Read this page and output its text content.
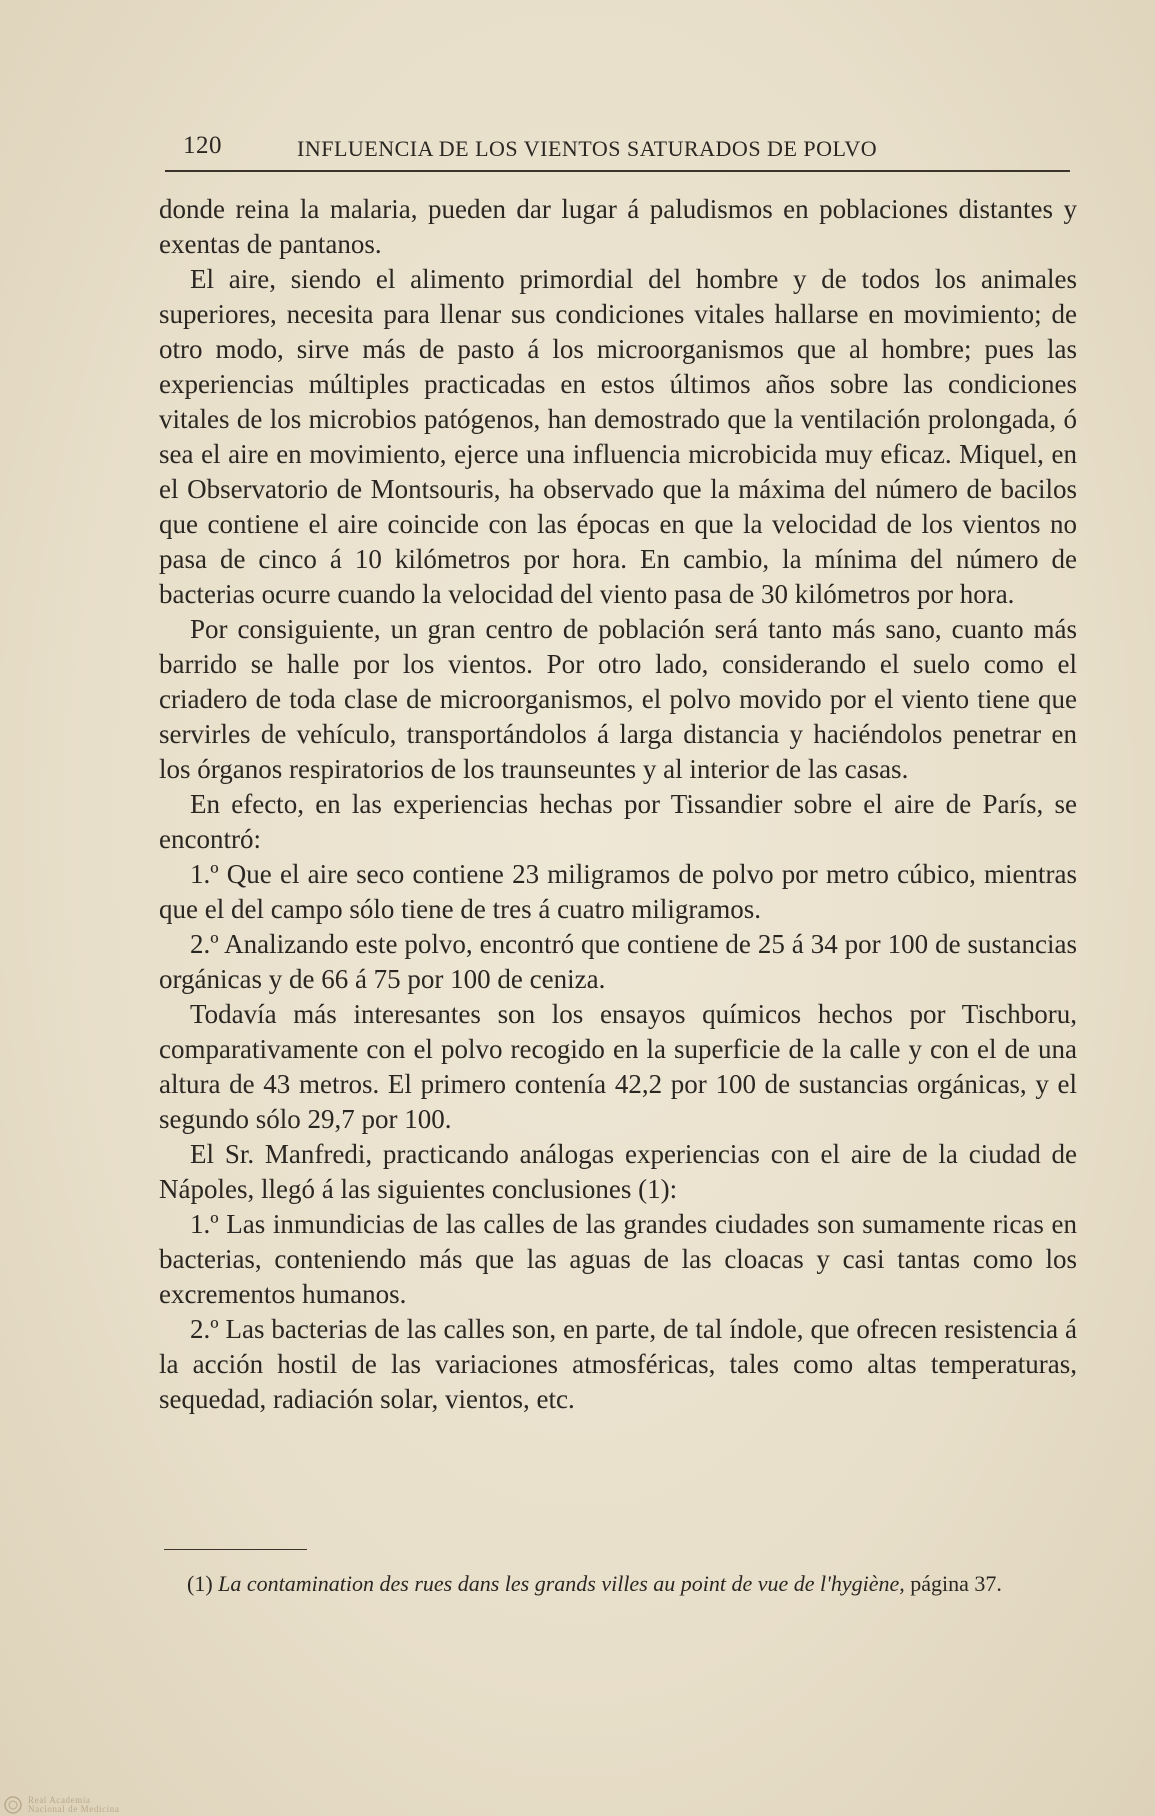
120	INFLUENCIA DE LOS VIENTOS SATURADOS DE POLVO

donde reina la malaria, pueden dar lugar á paludismos en poblaciones distantes y exentas de pantanos.

El aire, siendo el alimento primordial del hombre y de todos los animales superiores, necesita para llenar sus condiciones vitales hallarse en movimiento; de otro modo, sirve más de pasto á los microorganismos que al hombre; pues las experiencias múltiples practicadas en estos últimos años sobre las condiciones vitales de los microbios patógenos, han demostrado que la ventilación prolongada, ó sea el aire en movimiento, ejerce una influencia microbicida muy eficaz. Miquel, en el Observatorio de Montsouris, ha observado que la máxima del número de bacilos que contiene el aire coincide con las épocas en que la velocidad de los vientos no pasa de cinco á 10 kilómetros por hora. En cambio, la mínima del número de bacterias ocurre cuando la velocidad del viento pasa de 30 kilómetros por hora.

Por consiguiente, un gran centro de población será tanto más sano, cuanto más barrido se halle por los vientos. Por otro lado, considerando el suelo como el criadero de toda clase de microorganismos, el polvo movido por el viento tiene que servirles de vehículo, transportándolos á larga distancia y haciéndolos penetrar en los órganos respiratorios de los traunseuntes y al interior de las casas.

En efecto, en las experiencias hechas por Tissandier sobre el aire de París, se encontró:

1.º Que el aire seco contiene 23 miligramos de polvo por metro cúbico, mientras que el del campo sólo tiene de tres á cuatro miligramos.

2.º Analizando este polvo, encontró que contiene de 25 á 34 por 100 de sustancias orgánicas y de 66 á 75 por 100 de ceniza.

Todavía más interesantes son los ensayos químicos hechos por Tischboru, comparativamente con el polvo recogido en la superficie de la calle y con el de una altura de 43 metros. El primero contenía 42,2 por 100 de sustancias orgánicas, y el segundo sólo 29,7 por 100.

El Sr. Manfredi, practicando análogas experiencias con el aire de la ciudad de Nápoles, llegó á las siguientes conclusiones (1):

1.º Las inmundicias de las calles de las grandes ciudades son sumamente ricas en bacterias, conteniendo más que las aguas de las cloacas y casi tantas como los excrementos humanos.

2.º Las bacterias de las calles son, en parte, de tal índole, que ofrecen resistencia á la acción hostil de las variaciones atmosféricas, tales como altas temperaturas, sequedad, radiación solar, vientos, etc.

(1) La contamination des rues dans les grands villes au point de vue de l'hygiène, página 37.
Real Academia
Nacional de Medicina
